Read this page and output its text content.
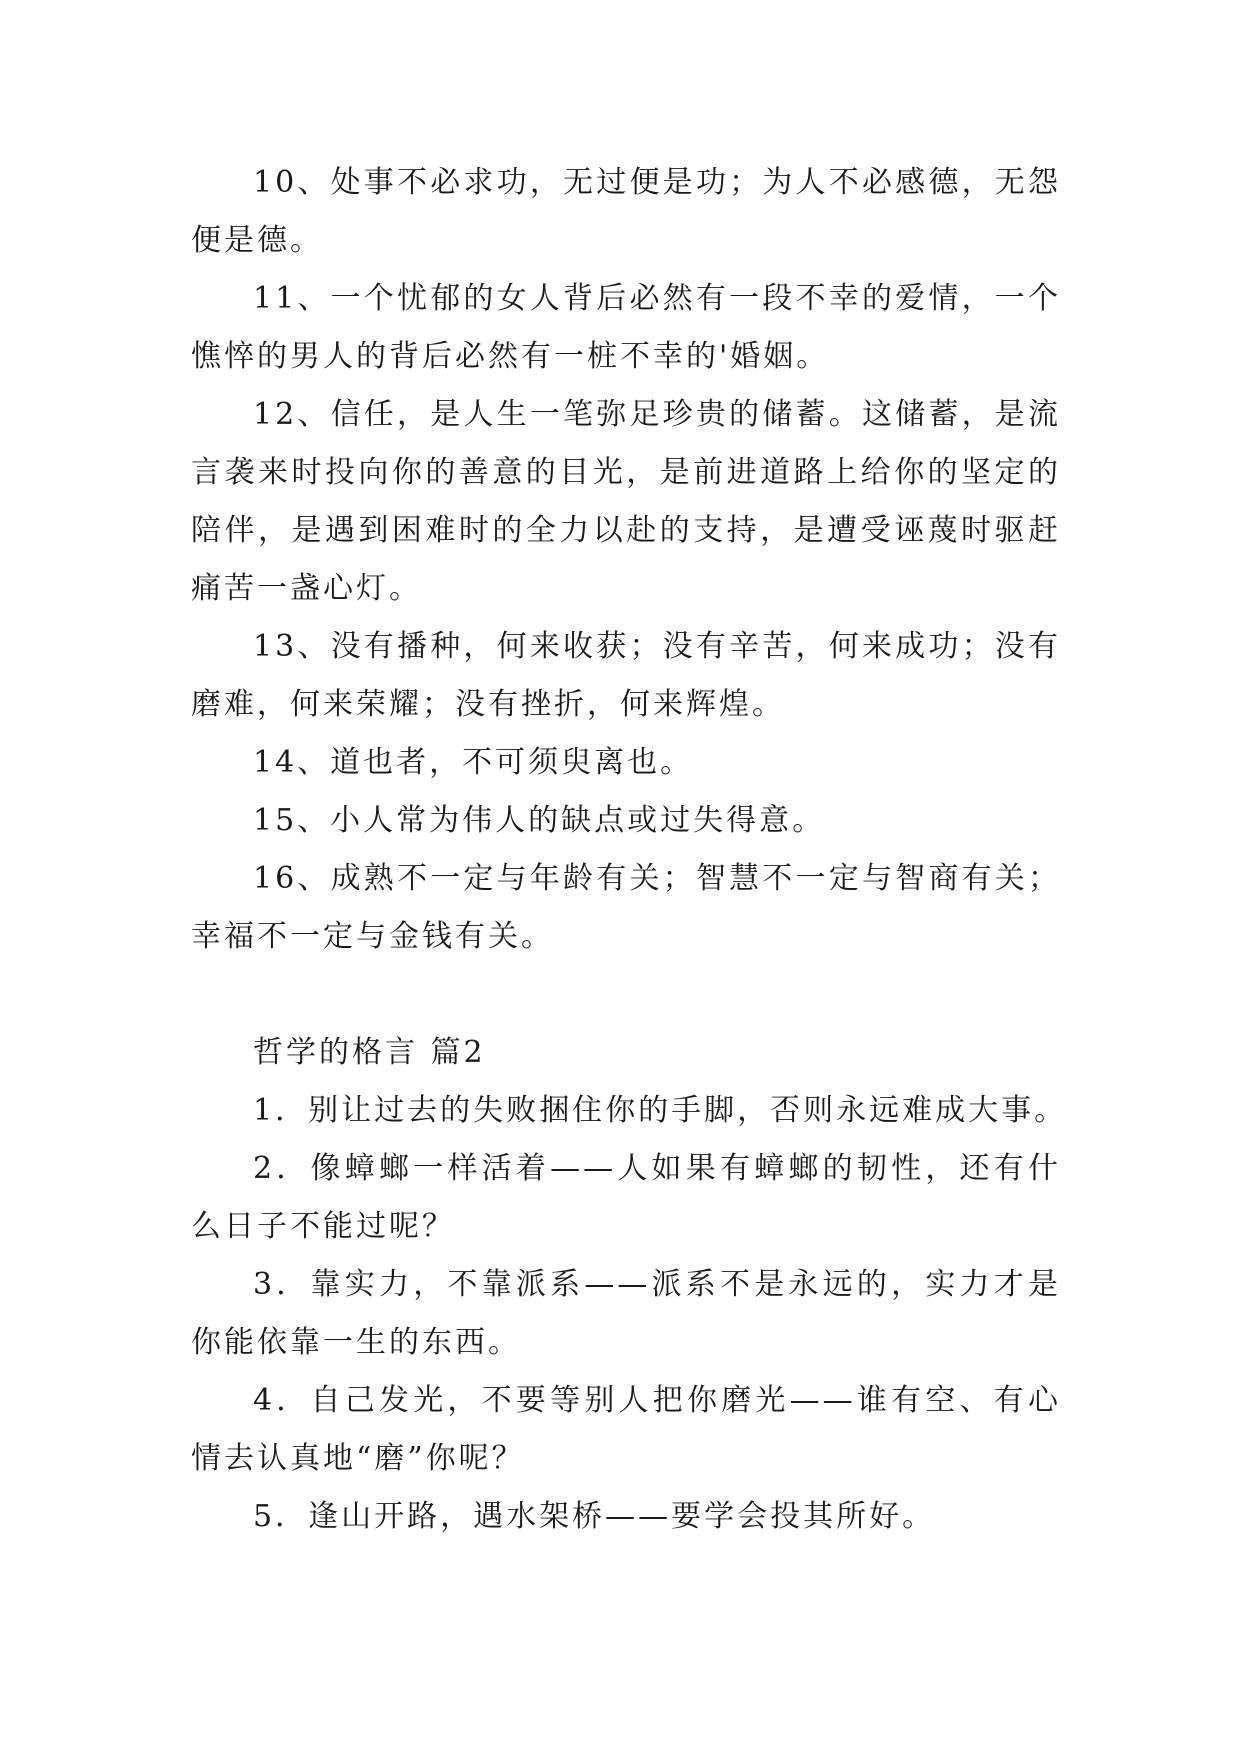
10、处事不必求功，无过便是功；为人不必感德，无怨便是德。

11、一个忧郁的女人背后必然有一段不幸的爱情，一个憔悴的男人的背后必然有一桩不幸的'婚姻。

12、信任，是人生一笔弥足珍贵的储蓄。这储蓄，是流言袭来时投向你的善意的目光，是前进道路上给你的坚定的陪伴，是遇到困难时的全力以赴的支持，是遭受诬蔑时驱赶痛苦一盏心灯。

13、没有播种，何来收获；没有辛苦，何来成功；没有磨难，何来荣耀；没有挫折，何来辉煌。

14、道也者，不可须臾离也。

15、小人常为伟人的缺点或过失得意。

16、成熟不一定与年龄有关；智慧不一定与智商有关；幸福不一定与金钱有关。

哲学的格言 篇2

1．别让过去的失败捆住你的手脚，否则永远难成大事。

2．像蟑螂一样活着——人如果有蟑螂的韧性，还有什么日子不能过呢？

3．靠实力，不靠派系——派系不是永远的，实力才是你能依靠一生的东西。

4．自己发光，不要等别人把你磨光——谁有空、有心情去认真地“磨”你呢？

5．逢山开路，遇水架桥——要学会投其所好。
